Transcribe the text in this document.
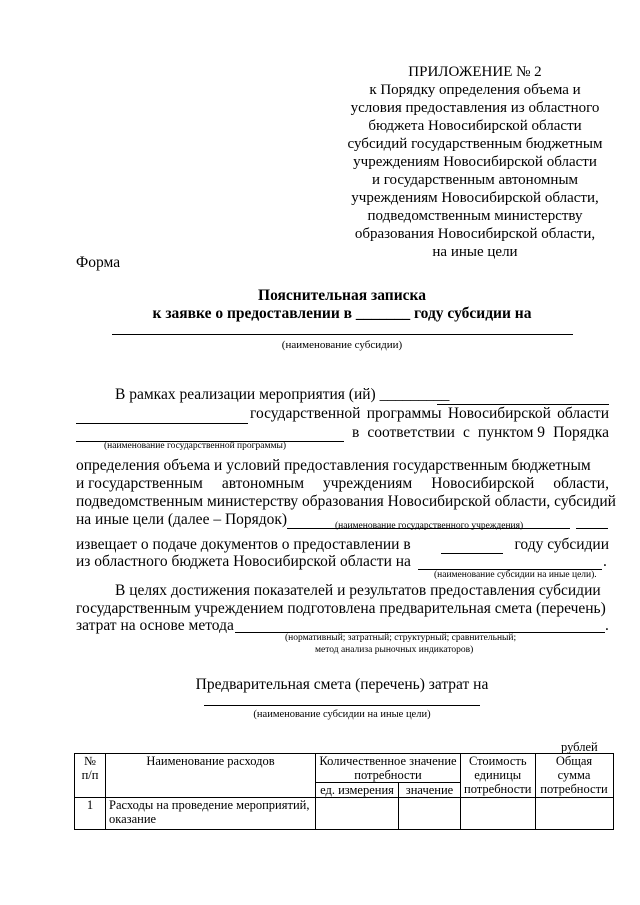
ПРИЛОЖЕНИЕ № 2
к Порядку определения объема и
условия предоставления из областного
бюджета Новосибирской области
субсидий государственным бюджетным
учреждениям Новосибирской области
и государственным автономным
учреждениям Новосибирской области,
подведомственным министерству
образования Новосибирской области,
на иные цели
Форма
Пояснительная записка
к заявке о предоставлении в _______ году субсидии на
(наименование субсидии)
В рамках реализации мероприятия (ий) _________
государственной программы Новосибирской области
в соответствии с пунктом 9 Порядка
(наименование государственной программы)
определения объема и условий предоставления государственным бюджетным
и государственным автономным учреждениям Новосибирской области,
подведомственным министерству образования Новосибирской области, субсидий
на иные цели (далее – Порядок)	(наименование государственного учреждения)
извещает о подаче документов о предоставлении в	году субсидии
из областного бюджета Новосибирской области на	.
(наименование субсидии на иные цели).
В целях достижения показателей и результатов предоставления субсидии
государственным учреждением подготовлена предварительная смета (перечень)
затрат на основе метода	.
(нормативный; затратный; структурный; сравнительный;
метод анализа рыночных индикаторов)
Предварительная смета (перечень) затрат на
(наименование субсидии на иные цели)
рублей
№
п/п	Наименование расходов	Количественное значение потребности		Стоимость единицы потребности	Общая сумма потребности
		ед. измерения	значение		
1	Расходы на проведение мероприятий, оказание				
